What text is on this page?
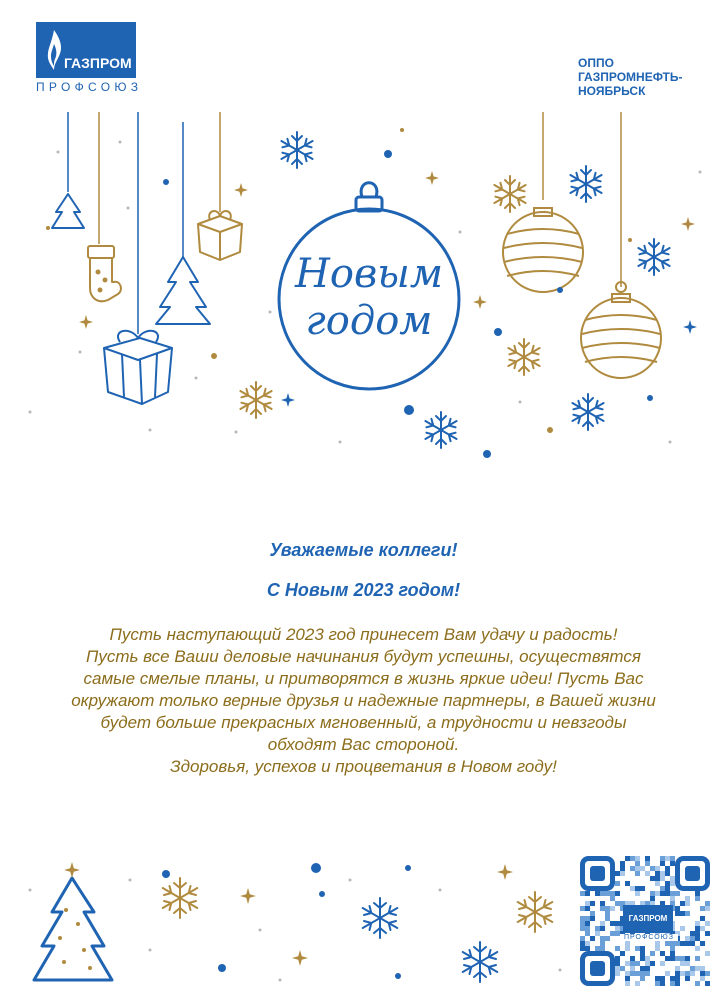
ГАЗПРОМ
ПРОФСОЮЗ
ОППО
ГАЗПРОМНЕФТЬ-
НОЯБРЬСК
Новым
годом
Уважаемые коллеги!
С Новым 2023 годом!
Пусть наступающий 2023 год принесет Вам удачу и радость!
Пусть все Ваши деловые начинания будут успешны, осуществятся
самые смелые планы, и притворятся в жизнь яркие идеи! Пусть Вас
окружают только верные друзья и надежные партнеры, в Вашей жизни
будет больше прекрасных мгновенный, а трудности и невзгоды
обходят Вас стороной.
Здоровья, успехов и процветания в Новом году!
ГАЗПРОМ
ПРОФСОЮЗ
